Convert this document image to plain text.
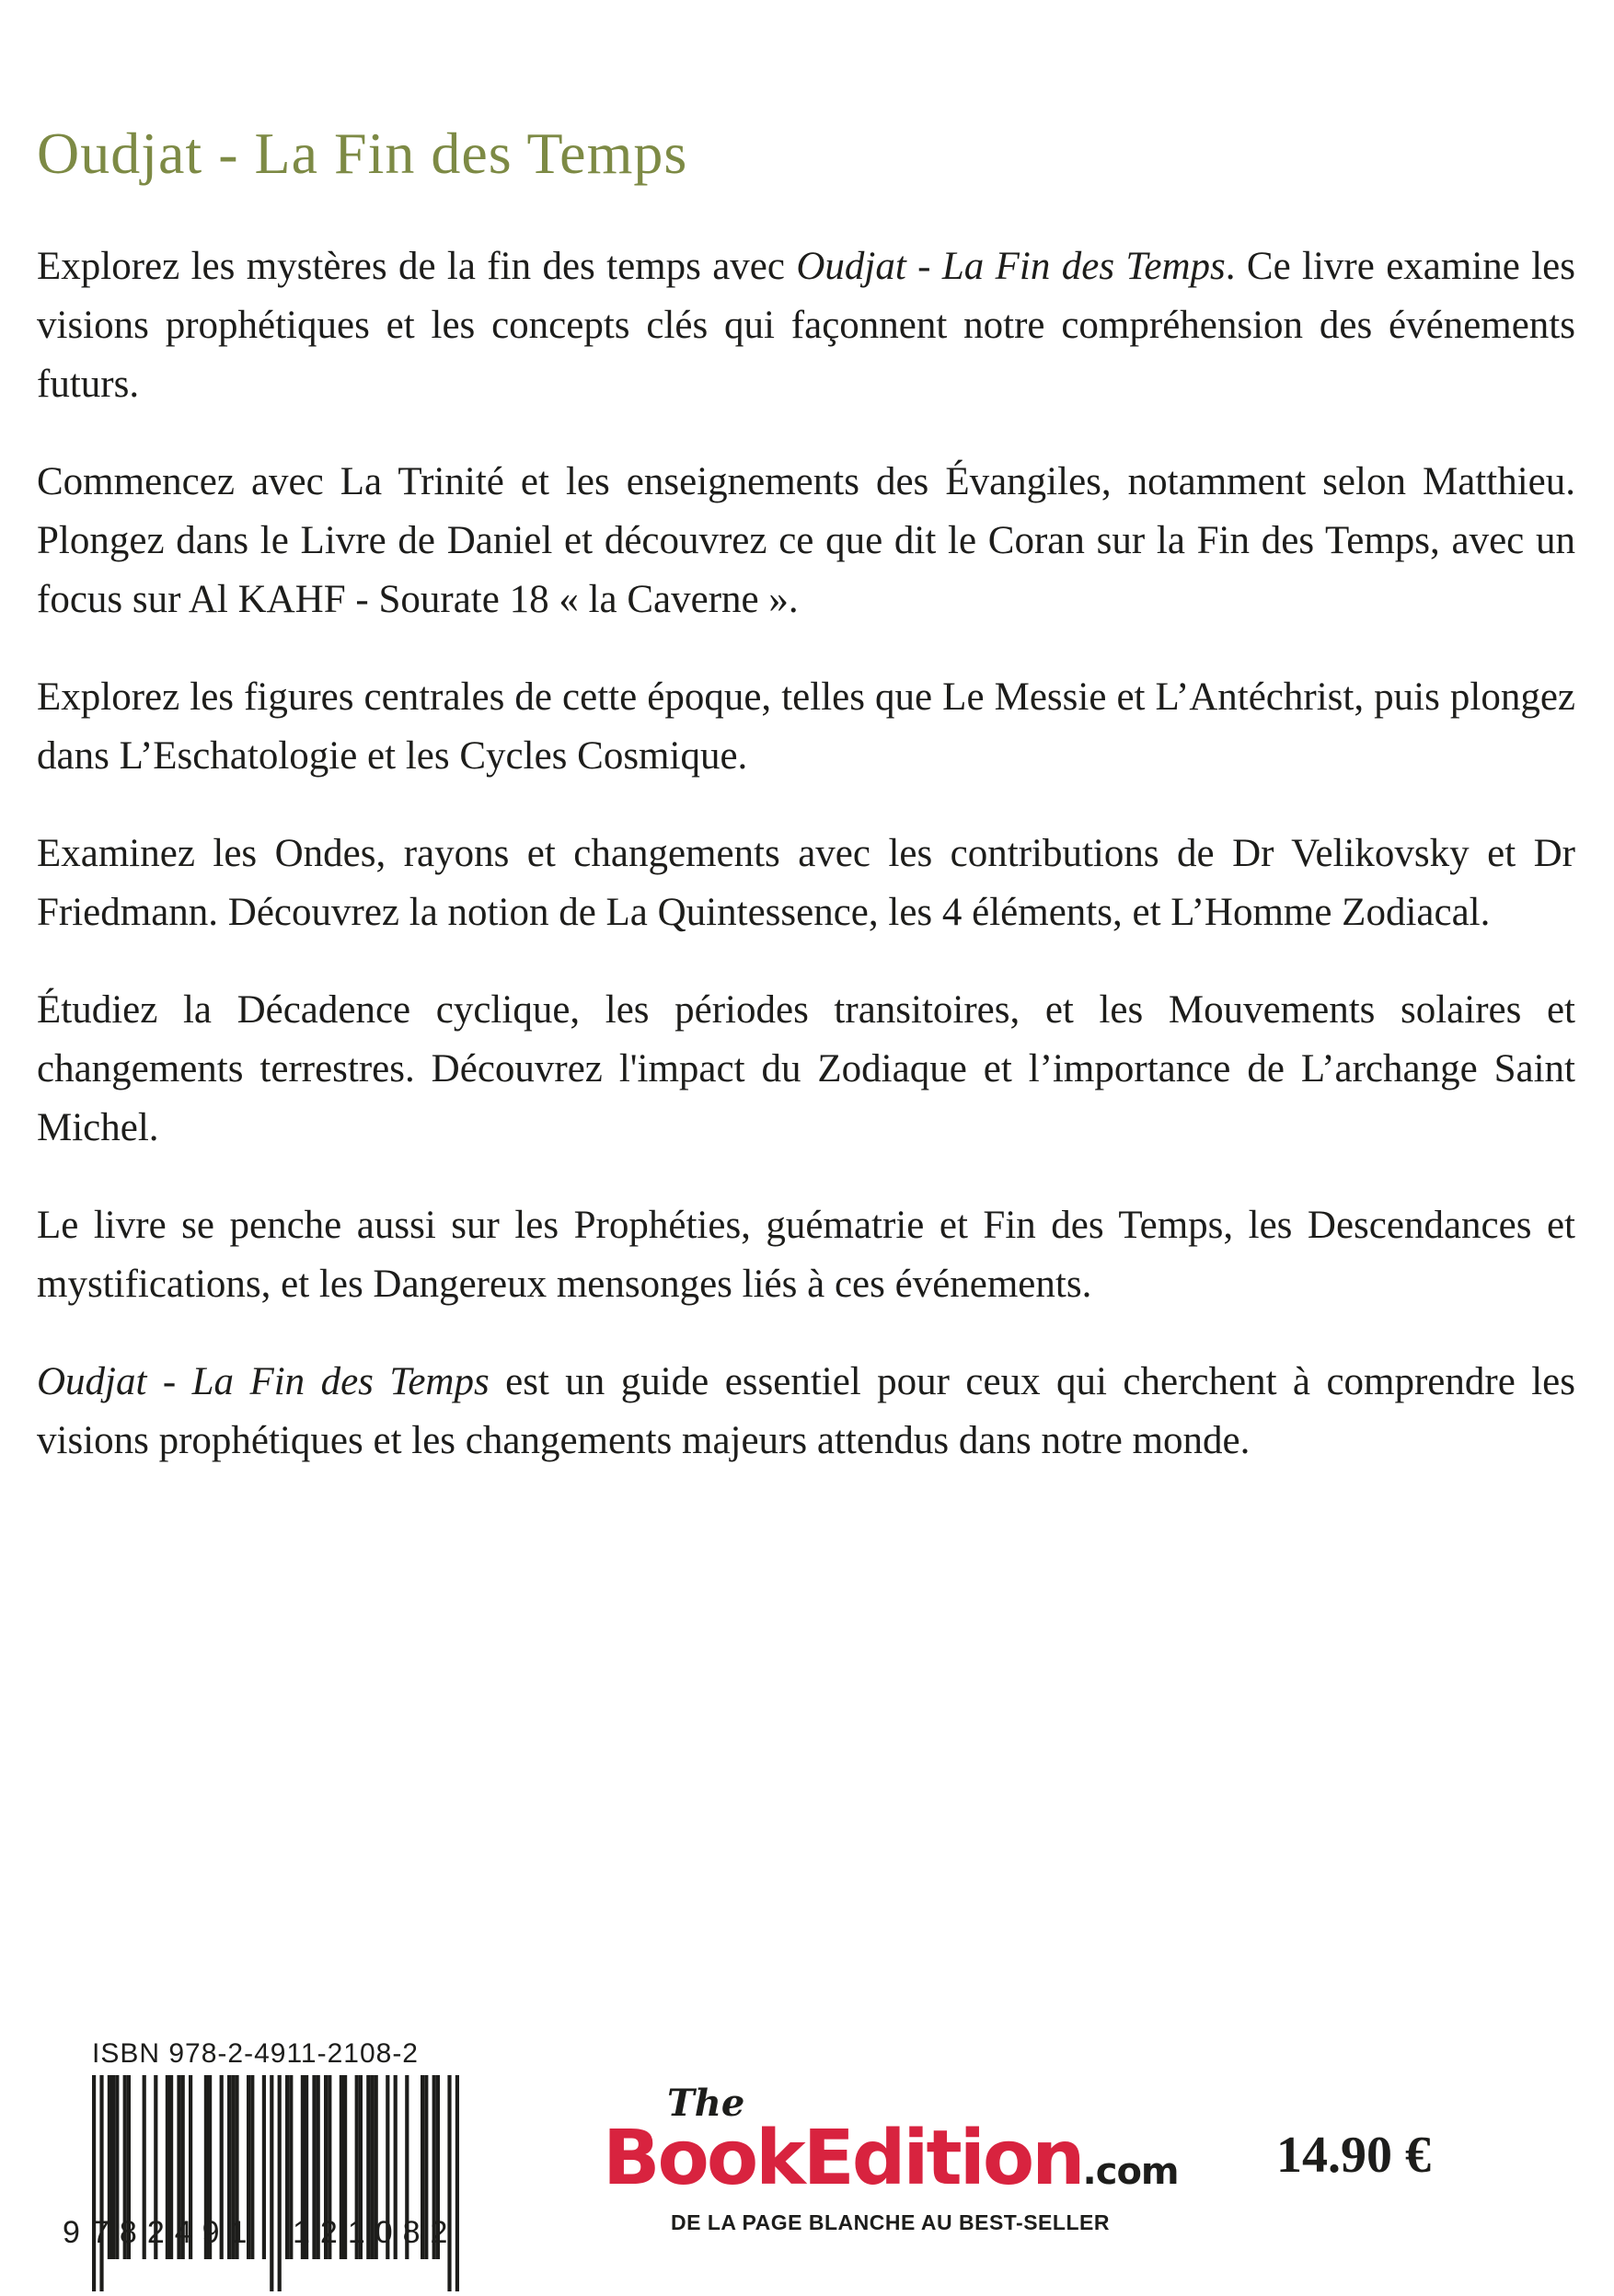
Oudjat - La Fin des Temps

Explorez les mystères de la fin des temps avec Oudjat - La Fin des Temps. Ce livre examine les visions prophétiques et les concepts clés qui façonnent notre compréhension des événements futurs.

Commencez avec La Trinité et les enseignements des Évangiles, notamment selon Matthieu. Plongez dans le Livre de Daniel et découvrez ce que dit le Coran sur la Fin des Temps, avec un focus sur Al KAHF - Sourate 18 « la Caverne ».

Explorez les figures centrales de cette époque, telles que Le Messie et L’Antéchrist, puis plongez dans L’Eschatologie et les Cycles Cosmique.

Examinez les Ondes, rayons et changements avec les contributions de Dr Velikovsky et Dr Friedmann. Découvrez la notion de La Quintessence, les 4 éléments, et L’Homme Zodiacal.

Étudiez la Décadence cyclique, les périodes transitoires, et les Mouvements solaires et changements terrestres. Découvrez l'impact du Zodiaque et l’importance de L’archange Saint Michel.

Le livre se penche aussi sur les Prophéties, guématrie et Fin des Temps, les Descendances et mystifications, et les Dangereux mensonges liés à ces événements.

Oudjat - La Fin des Temps est un guide essentiel pour ceux qui cherchent à comprendre les visions prophétiques et les changements majeurs attendus dans notre monde.

ISBN 978-2-4911-2108-2
9 782491 121082
The
BookEdition.com
DE LA PAGE BLANCHE AU BEST-SELLER
14.90 €
